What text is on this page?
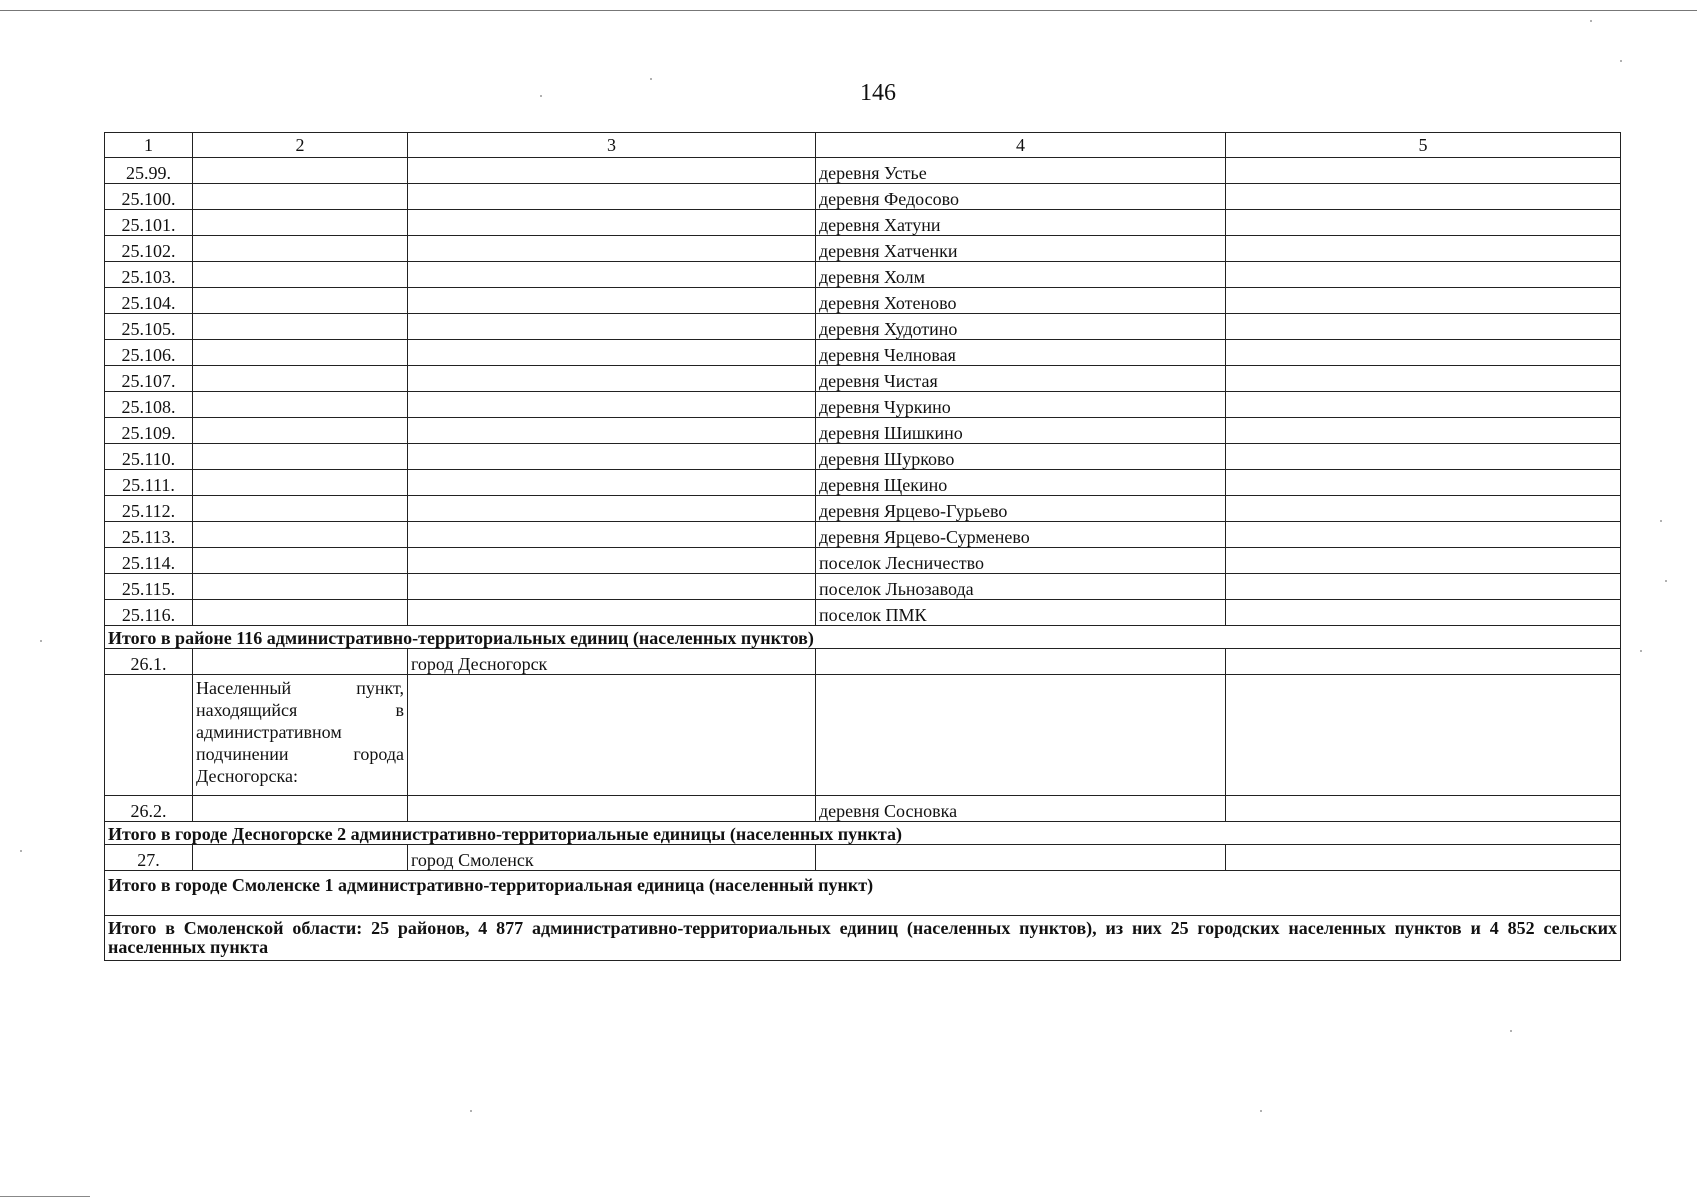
146
1	2	3	4	5
25.99.			деревня Устье	
25.100.			деревня Федосово	
25.101.			деревня Хатуни	
25.102.			деревня Хатченки	
25.103.			деревня Холм	
25.104.			деревня Хотеново	
25.105.			деревня Худотино	
25.106.			деревня Челновая	
25.107.			деревня Чистая	
25.108.			деревня Чуркино	
25.109.			деревня Шишкино	
25.110.			деревня Шурково	
25.111.			деревня Щекино	
25.112.			деревня Ярцево-Гурьево	
25.113.			деревня Ярцево-Сурменево	
25.114.			поселок Лесничество	
25.115.			поселок Льнозавода	
25.116.			поселок ПМК	
Итого в районе 116 административно-территориальных единиц (населенных пунктов)				
26.1.		город Десногорск		
	Населенный пункт, находящийся в административном подчинении города Десногорска:			
26.2.			деревня Сосновка	
Итого в городе Десногорске 2 административно-территориальные единицы (населенных пункта)				
27.		город Смоленск		
Итого в городе Смоленске 1 административно-территориальная единица (населенный пункт)				
Итого в Смоленской области: 25 районов, 4 877 административно-территориальных единиц (населенных пунктов), из них 25 городских населенных пунктов и 4 852 сельских населенных пункта				
